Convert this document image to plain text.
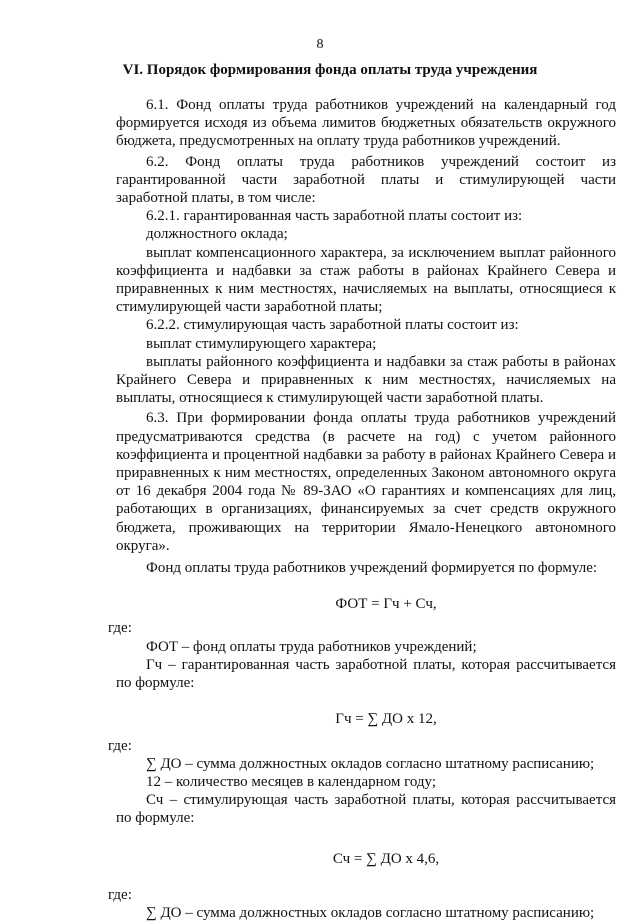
8
VI. Порядок формирования фонда оплаты труда учреждения

6.1. Фонд оплаты труда работников учреждений на календарный год формируется исходя из объема лимитов бюджетных обязательств окружного бюджета, предусмотренных на оплату труда работников учреждений.

6.2. Фонд оплаты труда работников учреждений состоит из гарантированной части заработной платы и стимулирующей части заработной платы, в том числе:

6.2.1. гарантированная часть заработной платы состоит из:

должностного оклада;

выплат компенсационного характера, за исключением выплат районного коэффициента и надбавки за стаж работы в районах Крайнего Севера и приравненных к ним местностях, начисляемых на выплаты, относящиеся к стимулирующей части заработной платы;

6.2.2. стимулирующая часть заработной платы состоит из:

выплат стимулирующего характера;

выплаты районного коэффициента и надбавки за стаж работы в районах Крайнего Севера и приравненных к ним местностях, начисляемых на выплаты, относящиеся к стимулирующей части заработной платы.

6.3. При формировании фонда оплаты труда работников учреждений предусматриваются средства (в расчете на год) с учетом районного коэффициента и процентной надбавки за работу в районах Крайнего Севера и приравненных к ним местностях, определенных Законом автономного округа от 16 декабря 2004 года № 89-ЗАО «О гарантиях и компенсациях для лиц, работающих в организациях, финансируемых за счет средств окружного бюджета, проживающих на территории Ямало-Ненецкого автономного округа».

Фонд оплаты труда работников учреждений формируется по формуле:

ФОТ = Гч + Сч,

где:

ФОТ – фонд оплаты труда работников учреждений;

Гч – гарантированная часть заработной платы, которая рассчитывается по формуле:

Гч = ∑ ДО х 12,

где:

∑ ДО – сумма должностных окладов согласно штатному расписанию;

12 – количество месяцев в календарном году;

Сч – стимулирующая часть заработной платы, которая рассчитывается по формуле:

Сч = ∑ ДО х 4,6,

где:

∑ ДО – сумма должностных окладов согласно штатному расписанию;
